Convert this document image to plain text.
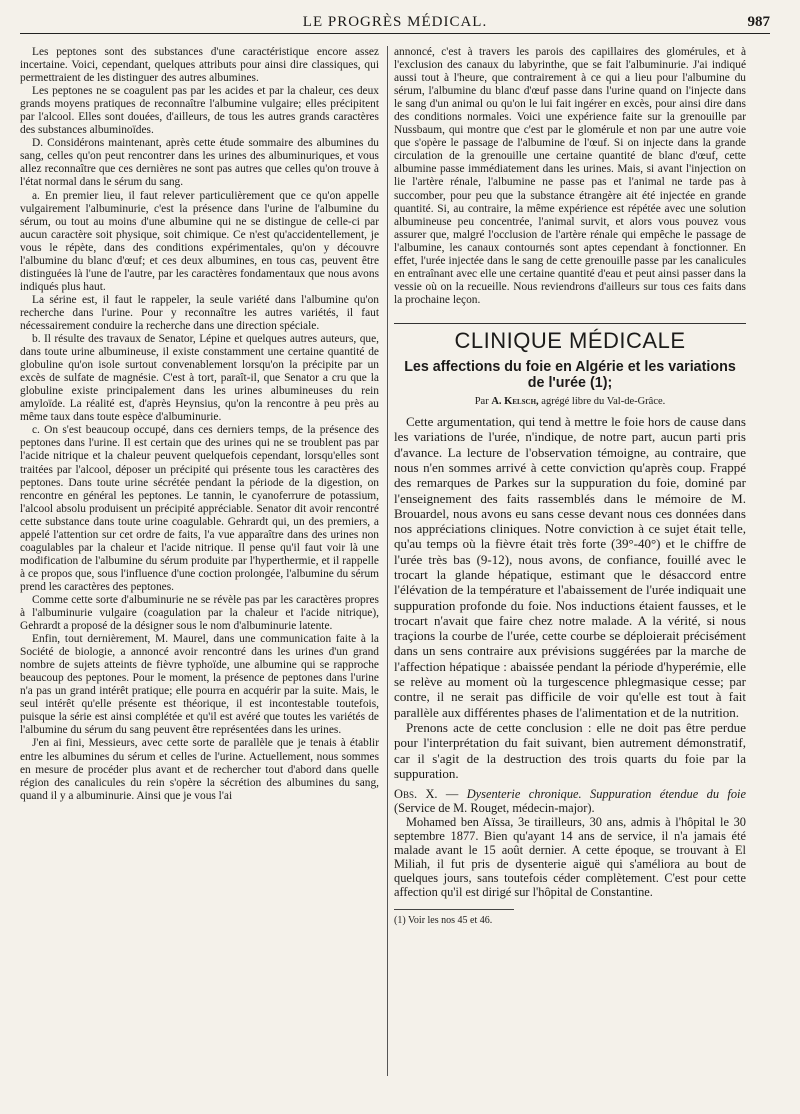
LE PROGRÈS MÉDICAL.	987

Les peptones sont des substances d'une caractéristique encore assez incertaine. Voici, cependant, quelques attributs pour ainsi dire classiques, qui permettraient de les distinguer des autres albumines.

Les peptones ne se coagulent pas par les acides et par la chaleur, ces deux grands moyens pratiques de reconnaître l'albumine vulgaire; elles précipitent par l'alcool. Elles sont douées, d'ailleurs, de tous les autres grands caractères des substances albuminoïdes.

D. Considérons maintenant, après cette étude sommaire des albumines du sang, celles qu'on peut rencontrer dans les urines des albuminuriques, et vous allez reconnaître que ces dernières ne sont pas autres que celles qu'on trouve à l'état normal dans le sérum du sang.

a. En premier lieu, il faut relever particulièrement que ce qu'on appelle vulgairement l'albuminurie, c'est la présence dans l'urine de l'albumine du sérum, ou tout au moins d'une albumine qui ne se distingue de celle-ci par aucun caractère soit physique, soit chimique. Ce n'est qu'accidentellement, je vous le répète, dans des conditions expérimentales, qu'on y découvre l'albumine du blanc d'œuf; et ces deux albumines, en tous cas, peuvent être distinguées là l'une de l'autre, par les caractères fondamentaux que nous avons indiqués plus haut.

La sérine est, il faut le rappeler, la seule variété dans l'albumine qu'on recherche dans l'urine. Pour y reconnaître les autres variétés, il faut nécessairement conduire la recherche dans une direction spéciale.

b. Il résulte des travaux de Senator, Lépine et quelques autres auteurs, que, dans toute urine albumineuse, il existe constamment une certaine quantité de globuline qu'on isole surtout convenablement lorsqu'on la précipite par un excès de sulfate de magnésie. C'est à tort, paraît-il, que Senator a cru que la globuline existe principalement dans les urines albumineuses du rein amyloïde. La réalité est, d'après Heynsius, qu'on la rencontre à peu près au même taux dans toute espèce d'albuminurie.

c. On s'est beaucoup occupé, dans ces derniers temps, de la présence des peptones dans l'urine. Il est certain que des urines qui ne se troublent pas par l'acide nitrique et la chaleur peuvent quelquefois cependant, lorsqu'elles sont traitées par l'alcool, déposer un précipité qui présente tous les caractères des peptones. Dans toute urine sécrétée pendant la période de la digestion, on rencontre en général les peptones. Le tannin, le cyanoferrure de potassium, l'alcool absolu produisent un précipité appréciable. Senator dit avoir rencontré cette substance dans toute urine coagulable. Gehrardt qui, un des premiers, a appelé l'attention sur cet ordre de faits, l'a vue apparaître dans des urines non coagulables par la chaleur et l'acide nitrique. Il pense qu'il faut voir là une modification de l'albumine du sérum produite par l'hyperthermie, et il rappelle à ce propos que, sous l'influence d'une coction prolongée, l'albumine du sérum prend les caractères des peptones.

Comme cette sorte d'albuminurie ne se révèle pas par les caractères propres à l'albuminurie vulgaire (coagulation par la chaleur et l'acide nitrique), Gehrardt a proposé de la désigner sous le nom d'albuminurie latente.

Enfin, tout dernièrement, M. Maurel, dans une communication faite à la Société de biologie, a annoncé avoir rencontré dans les urines d'un grand nombre de sujets atteints de fièvre typhoïde, une albumine qui se rapproche beaucoup des peptones. Pour le moment, la présence de peptones dans l'urine n'a pas un grand intérêt pratique; elle pourra en acquérir par la suite. Mais, le seul intérêt qu'elle présente est théorique, il est incontestable toutefois, puisque la série est ainsi complétée et qu'il est avéré que toutes les variétés de l'albumine du sérum du sang peuvent être représentées dans les urines.

J'en ai fini, Messieurs, avec cette sorte de parallèle que je tenais à établir entre les albumines du sérum et celles de l'urine. Actuellement, nous sommes en mesure de procéder plus avant et de rechercher tout d'abord dans quelle région des canalicules du rein s'opère la sécrétion des albumines du sang, quand il y a albuminurie. Ainsi que je vous l'ai

annoncé, c'est à travers les parois des capillaires des glomérules, et à l'exclusion des canaux du labyrinthe, que se fait l'albuminurie. J'ai indiqué aussi tout à l'heure, que contrairement à ce qui a lieu pour l'albumine du sérum, l'albumine du blanc d'œuf passe dans l'urine quand on l'injecte dans le sang d'un animal ou qu'on le lui fait ingérer en excès, pour ainsi dire dans des conditions normales. Voici une expérience faite sur la grenouille par Nussbaum, qui montre que c'est par le glomérule et non par une autre voie que s'opère le passage de l'albumine de l'œuf. Si on injecte dans la grande circulation de la grenouille une certaine quantité de blanc d'œuf, cette albumine passe immédiatement dans les urines. Mais, si avant l'injection on lie l'artère rénale, l'albumine ne passe pas et l'animal ne tarde pas à succomber, pour peu que la substance étrangère ait été injectée en grande quantité. Si, au contraire, la même expérience est répétée avec une solution albumineuse peu concentrée, l'animal survit, et alors vous pouvez vous assurer que, malgré l'occlusion de l'artère rénale qui empêche le passage de l'albumine, les canaux contournés sont aptes cependant à fonctionner. En effet, l'urée injectée dans le sang de cette grenouille passe par les canalicules en entraînant avec elle une certaine quantité d'eau et peut ainsi passer dans la vessie où on la recueille. Nous reviendrons d'ailleurs sur tous ces faits dans la prochaine leçon.

CLINIQUE MÉDICALE
Les affections du foie en Algérie et les variations de l'urée (1);
Par A. Kelsch, agrégé libre du Val-de-Grâce.

Cette argumentation, qui tend à mettre le foie hors de cause dans les variations de l'urée, n'indique, de notre part, aucun parti pris d'avance. La lecture de l'observation témoigne, au contraire, que nous n'en sommes arrivé à cette conviction qu'après coup. Frappé des remarques de Parkes sur la suppuration du foie, dominé par l'enseignement des faits rassemblés dans le mémoire de M. Brouardel, nous avons eu sans cesse devant nous ces données dans nos appréciations cliniques. Notre conviction à ce sujet était telle, qu'au temps où la fièvre était très forte (39°-40°) et le chiffre de l'urée très bas (9-12), nous avons, de confiance, fouillé avec le trocart la glande hépatique, estimant que le désaccord entre l'élévation de la température et l'abaissement de l'urée indiquait une suppuration profonde du foie. Nos inductions étaient fausses, et le trocart n'avait que faire chez notre malade. A la vérité, si nous traçions la courbe de l'urée, cette courbe se déploierait précisément dans un sens contraire aux prévisions suggérées par la marche de l'affection hépatique : abaissée pendant la période d'hyperémie, elle se relève au moment où la turgescence phlegmasique cesse; par contre, il ne serait pas difficile de voir qu'elle est tout à fait parallèle aux différentes phases de l'alimentation et de la nutrition.

Prenons acte de cette conclusion : elle ne doit pas être perdue pour l'interprétation du fait suivant, bien autrement démonstratif, car il s'agit de la destruction des trois quarts du foie par la suppuration.

Obs. X. — Dysenterie chronique. Suppuration étendue du foie (Service de M. Rouget, médecin-major).

Mohamed ben Aïssa, 3e tirailleurs, 30 ans, admis à l'hôpital le 30 septembre 1877. Bien qu'ayant 14 ans de service, il n'a jamais été malade avant le 15 août dernier. A cette époque, se trouvant à El Miliah, il fut pris de dysenterie aiguë qui s'améliora au bout de quelques jours, sans toutefois céder complètement. C'est pour cette affection qu'il est dirigé sur l'hôpital de Constantine.

(1) Voir les nos 45 et 46.
